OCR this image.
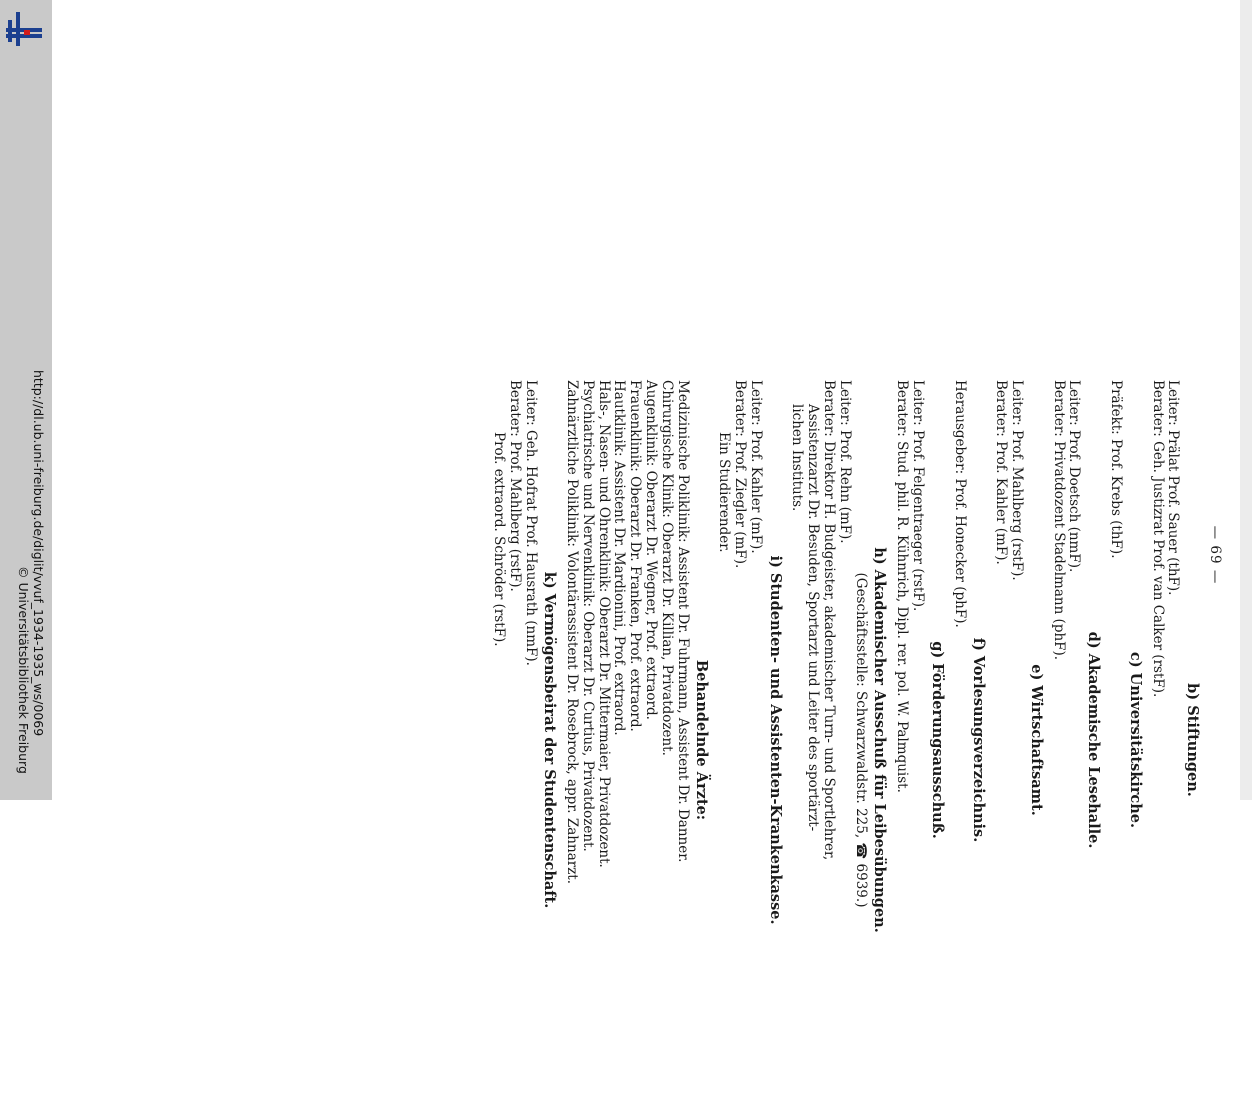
http://dl.ub.uni-freiburg.de/diglit/vvuf_1934-1935_ws/0069
© Universitätsbibliothek Freiburg
— 69 —
b) Stiftungen.
Leiter: Prälat Prof. Sauer (thF).
Berater: Geh. Justizrat Prof. van Calker (rstF).
c) Universitätskirche.
Präfekt: Prof. Krebs (thF).
d) Akademische Lesehalle.
Leiter: Prof. Doetsch (nmF).
Berater: Privatdozent Stadelmann (phF).
e) Wirtschaftsamt.
Leiter: Prof. Mahlberg (rstF).
Berater: Prof. Kahler (mF).
f) Vorlesungsverzeichnis.
Herausgeber: Prof. Honecker (phF).
g) Förderungsausschuß.
Leiter: Prof. Felgentraeger (rstF).
Berater: Stud. phil. R. Kühnrich, Dipl. rer. pol. W. Palmquist.
h) Akademischer Ausschuß für Leibesübungen.
(Geschäftsstelle: Schwarzwaldstr. 225, ☎ 6939.)
Leiter: Prof. Rehn (mF).
Berater: Direktor H. Budgeister, akademischer Turn- und Sportlehrer,
Assistenzarzt Dr. Besuden, Sportarzt und Leiter des sportärzt-
lichen Instituts.
i) Studenten- und Assistenten-Krankenkasse.
Leiter: Prof. Kahler (mF).
Berater: Prof. Ziegler (mF).
Ein Studierender.
Behandelnde Ärzte:
Medizinische Poliklinik: Assistent Dr. Fuhrmann, Assistent Dr. Danner.
Chirurgische Klinik: Oberarzt Dr. Killian, Privatdozent.
Augenklinik: Oberarzt Dr. Wegner, Prof. extraord.
Frauenklinik: Oberarzt Dr. Franken, Prof. extraord.
Hautklinik: Assistent Dr. Mardionini, Prof. extraord.
Hals-, Nasen- und Ohrenklinik: Oberarzt Dr. Mittermaier, Privatdozent.
Psychiatrische und Nervenklinik: Oberarzt Dr. Curtius, Privatdozent.
Zahnärztliche Poliklinik: Volontärassistent Dr. Rosebrock, appr. Zahnarzt.
k) Vermögensbeirat der Studentenschaft.
Leiter: Geh. Hofrat Prof. Hausrath (nmF).
Berater: Prof. Mahlberg (rstF).
Prof. extraord. Schröder (rstF).
